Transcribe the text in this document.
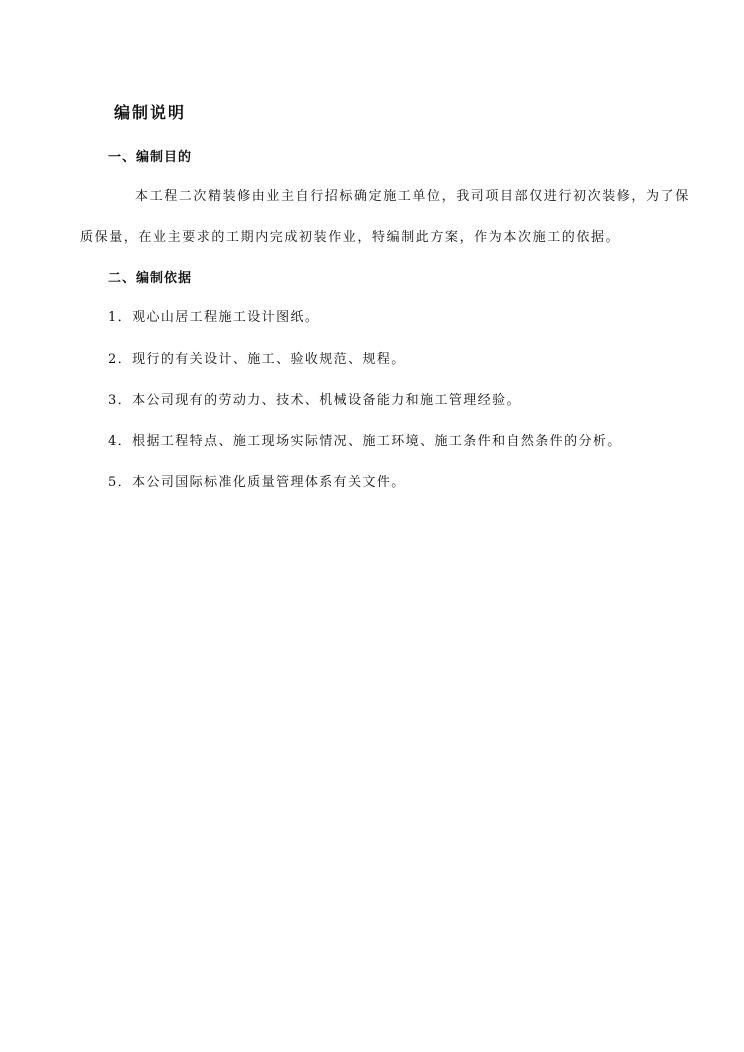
编制说明
一、编制目的
本工程二次精装修由业主自行招标确定施工单位，我司项目部仅进行初次装修，为了保
质保量，在业主要求的工期内完成初装作业，特编制此方案，作为本次施工的依据。
二、编制依据
1．观心山居工程施工设计图纸。
2．现行的有关设计、施工、验收规范、规程。
3．本公司现有的劳动力、技术、机械设备能力和施工管理经验。
4．根据工程特点、施工现场实际情况、施工环境、施工条件和自然条件的分析。
5．本公司国际标准化质量管理体系有关文件。
